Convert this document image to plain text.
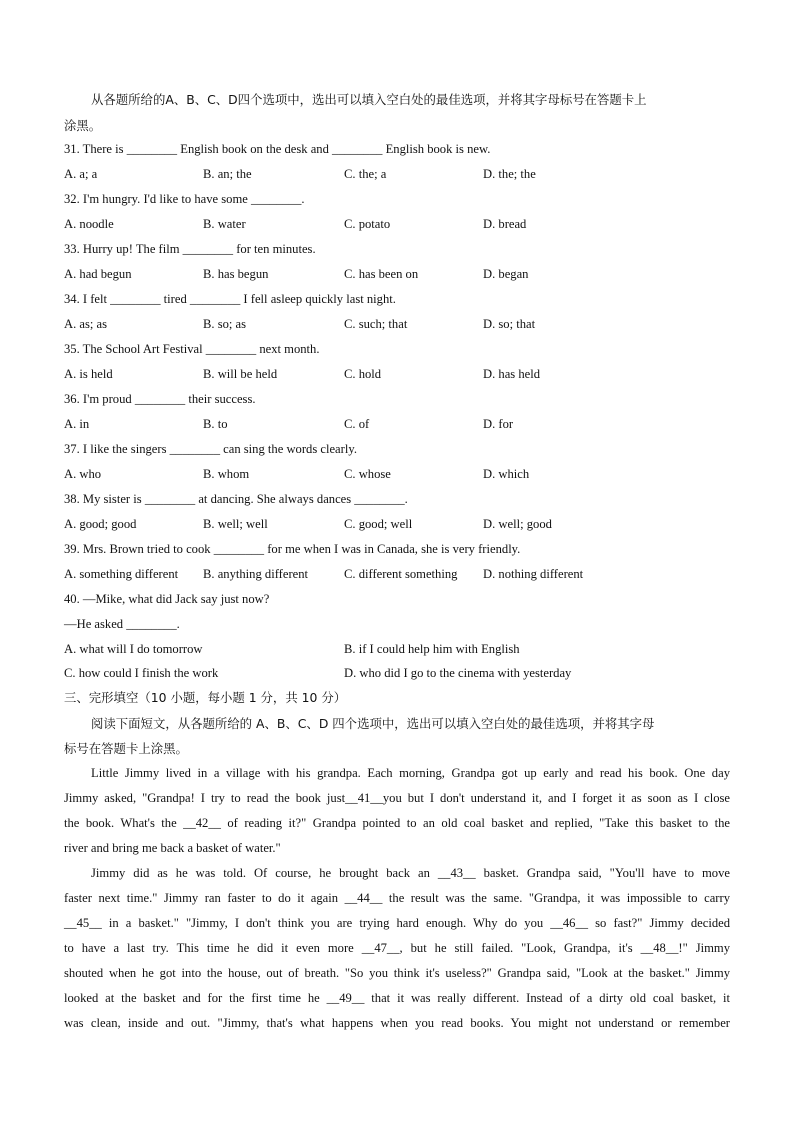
从各题所给的A、B、C、D四个选项中，选出可以填入空白处的最佳选项，并将其字母标号在答题卡上
涂黑。
31. There is ________ English book on the desk and ________ English book is new.
A. a; a	B. an; the	C. the; a	D. the; the
32. I'm hungry. I'd like to have some ________.
A. noodle	B. water	C. potato	D. bread
33. Hurry up! The film ________ for ten minutes.
A. had begun	B. has begun	C. has been on	D. began
34. I felt ________ tired ________ I fell asleep quickly last night.
A. as; as	B. so; as	C. such; that	D. so; that
35. The School Art Festival ________ next month.
A. is held	B. will be held	C. hold	D. has held
36. I'm proud ________ their success.
A. in	B. to	C. of	D. for
37. I like the singers ________ can sing the words clearly.
A. who	B. whom	C. whose	D. which
38. My sister is ________ at dancing. She always dances ________.
A. good; good	B. well; well	C. good; well	D. well; good
39. Mrs. Brown tried to cook ________ for me when I was in Canada, she is very friendly.
A. something different B. anything different	C. different something D. nothing different
40. —Mike, what did Jack say just now?
—He asked ________.
A. what will I do tomorrow	B. if I could help him with English
C. how could I finish the work	D. who did I go to the cinema with yesterday
三、完形填空（10 小题，每小题 1 分，共 10 分）
阅读下面短文，从各题所给的 A、B、C、D 四个选项中，选出可以填入空白处的最佳选项，并将其字母
标号在答题卡上涂黑。
Little Jimmy lived in a village with his grandpa. Each morning, Grandpa got up early and read his book. One day
Jimmy asked, "Grandpa! I try to read the book just__41__you but I don't understand it, and I forget it as soon as I close
the book. What's the __42__ of reading it?" Grandpa pointed to an old coal basket and replied, "Take this basket to the
river and bring me back a basket of water."
Jimmy did as he was told. Of course, he brought back an __43__ basket. Grandpa said, "You'll have to move
faster next time." Jimmy ran faster to do it again __44__ the result was the same. "Grandpa, it was impossible to carry
__45__ in a basket." "Jimmy, I don't think you are trying hard enough. Why do you __46__ so fast?" Jimmy decided
to have a last try. This time he did it even more __47__, but he still failed. "Look, Grandpa, it's __48__!" Jimmy
shouted when he got into the house, out of breath. "So you think it's useless?" Grandpa said, "Look at the basket." Jimmy
looked at the basket and for the first time he __49__ that it was really different. Instead of a dirty old coal basket, it
was clean, inside and out. "Jimmy, that's what happens when you read books. You might not understand or remember
